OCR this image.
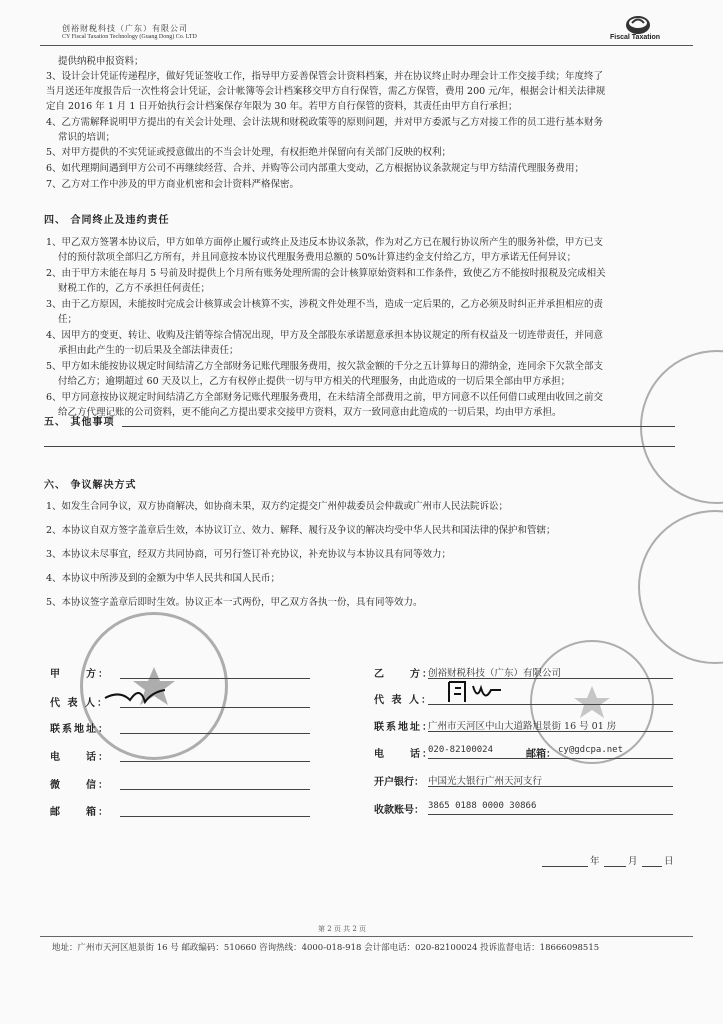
创裕财税科技（广东）有限公司
CY Fiscal Taxation Technology (Guang Dong) Co. LTD	Fiscal Taxation
提供纳税申报资料；
3、设计会计凭证传递程序，做好凭证签收工作，指导甲方妥善保管会计资料档案，并在协议终止时办理会计工作交接手续；年度终了
当月送还年度报告后一次性将会计凭证，会计帐簿等会计档案移交甲方自行保管，需乙方保管，费用 200 元/年，根据会计相关法律规
定自 2016 年 1 月 1 日开始执行会计档案保存年限为 30 年。若甲方自行保管的资料，其责任由甲方自行承担；
4、乙方需解释说明甲方提出的有关会计处理、会计法规和财税政策等的原则问题，并对甲方委派与乙方对接工作的员工进行基本财务
常识的培训；
5、对甲方提供的不实凭证或授意做出的不当会计处理，有权拒绝并保留向有关部门反映的权利；
6、如代理期间遇到甲方公司不再继续经营、合并、并购等公司内部重大变动，乙方根据协议条款规定与甲方结清代理服务费用；
7、乙方对工作中涉及的甲方商业机密和会计资料严格保密。
四、 合同终止及违约责任
1、甲乙双方签署本协议后，甲方如单方面停止履行或终止及违反本协议条款，作为对乙方已在履行协议所产生的服务补偿，甲方已支
付的预付款项全部归乙方所有，并且同意按本协议代理服务费用总额的 50%计算违约金支付给乙方，甲方承诺无任何异议；
2、由于甲方未能在每月 5 号前及时提供上个月所有账务处理所需的会计核算原始资料和工作条件，致使乙方不能按时报税及完成相关
财税工作的，乙方不承担任何责任；
3、由于乙方原因，未能按时完成会计核算或会计核算不实，涉税文件处理不当，造成一定后果的，乙方必须及时纠正并承担相应的责
任；
4、因甲方的变更、转让、收购及注销等综合情况出现，甲方及全部股东承诺愿意承担本协议规定的所有权益及一切连带责任，并同意
承担由此产生的一切后果及全部法律责任；
5、甲方如未能按协议规定时间结清乙方全部财务记账代理服务费用，按欠款金额的千分之五计算每日的滞纳金，连同余下欠款全部支
付给乙方；逾期超过 60 天及以上，乙方有权停止提供一切与甲方相关的代理服务，由此造成的一切后果全部由甲方承担；
6、甲方同意按协议规定时间结清乙方全部财务记账代理服务费用，在未结清全部费用之前，甲方同意不以任何借口或理由收回之前交
给乙方代理记账的公司资料，更不能向乙方提出要求交接甲方资料，双方一致同意由此造成的一切后果，均由甲方承担。
五、 其他事项
六、 争议解决方式
1、如发生合同争议，双方协商解决，如协商未果，双方约定提交广州仲裁委员会仲裁或广州市人民法院诉讼；
2、本协议自双方签字盖章后生效，本协议订立、效力、解释、履行及争议的解决均受中华人民共和国法律的保护和管辖；
3、本协议未尽事宜，经双方共同协商，可另行签订补充协议，补充协议与本协议具有同等效力；
4、本协议中所涉及到的金额为中华人民共和国人民币；
5、本协议签字盖章后即时生效。协议正本一式两份，甲乙双方各执一份，具有同等效力。
甲　　方：
代 表 人：
联系地址：
电　　话：
微　　信：
邮　　箱：
乙　　方：
创裕财税科技（广东）有限公司
代 表 人：
联系地址：
广州市天河区中山大道路旭景街 16 号 01 房
电　　话：
020-82100024	邮箱： cy@gdcpa.net
开户银行： 中国光大银行广州天河支行
收款账号： 3865 0188 0000 30866
年	月	日
第 2 页 共 2 页
地址：广州市天河区旭景街 16 号 邮政编码：510660 咨询热线：4000-018-918 会计部电话：020-82100024 投诉监督电话：18666098515
